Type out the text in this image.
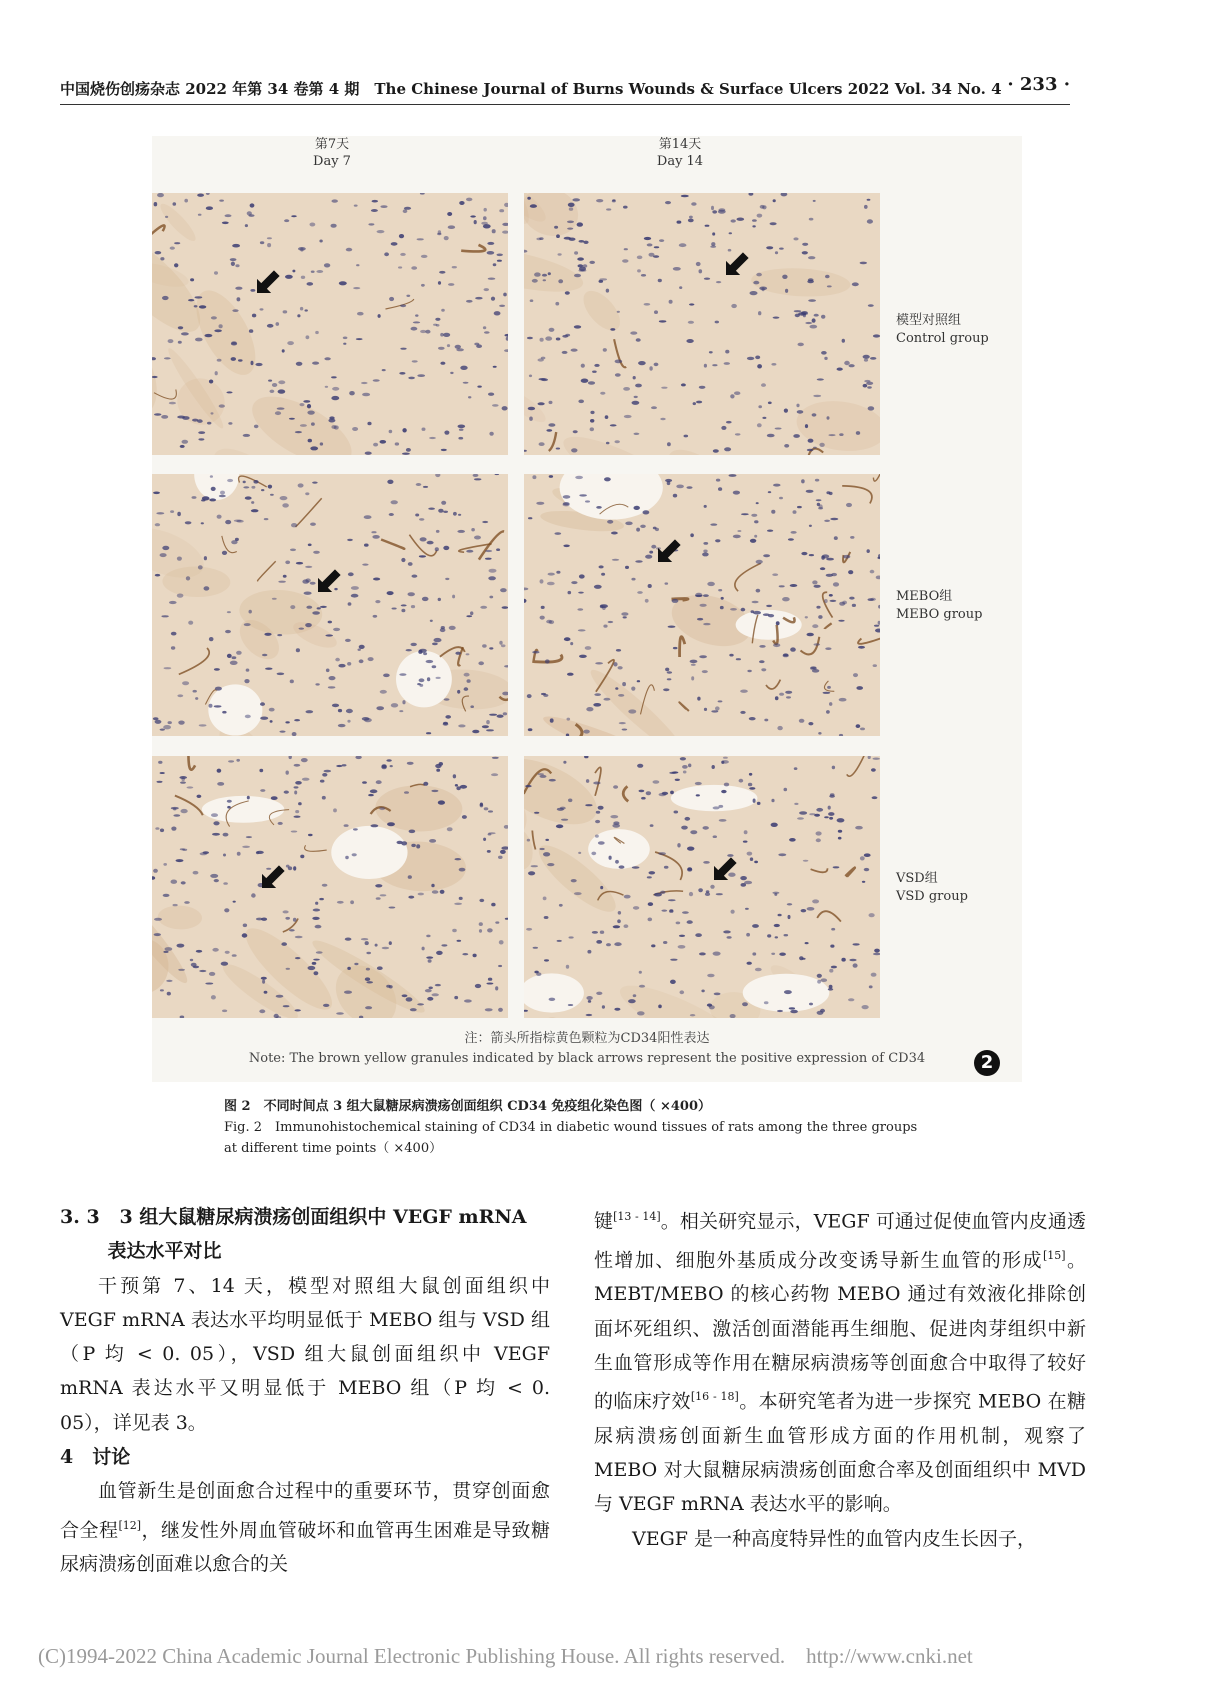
中国烧伤创疡杂志 2022 年第 34 卷第 4 期　The Chinese Journal of Burns Wounds & Surface Ulcers 2022 Vol. 34 No. 4 · 233 ·
第7天
Day 7
第14天
Day 14
模型对照组
Control group
MEBO组
MEBO group
VSD组
VSD group
注：箭头所指棕黄色颗粒为CD34阳性表达
Note: The brown yellow granules indicated by black arrows represent the positive expression of CD34	2
图 2　不同时间点 3 组大鼠糖尿病溃疡创面组织 CD34 免疫组化染色图（ ×400）
Fig. 2　Immunohistochemical staining of CD34 in diabetic wound tissues of rats among the three groups
at different time points（ ×400）

3. 3 3 组大鼠糖尿病溃疡创面组织中 VEGF mRNA

表达水平对比

干预第 7、14 天，模型对照组大鼠创面组织中 VEGF mRNA 表达水平均明显低于 MEBO 组与 VSD 组（P 均 < 0. 05），VSD 组大鼠创面组织中 VEGF mRNA 表达水平又明显低于 MEBO 组（P 均 < 0. 05），详见表 3。

4　讨论

血管新生是创面愈合过程中的重要环节，贯穿创面愈合全程[12]，继发性外周血管破坏和血管再生困难是导致糖尿病溃疡创面难以愈合的关

键[13 - 14]。相关研究显示，VEGF 可通过促使血管内皮通透性增加、细胞外基质成分改变诱导新生血管的形成[15]。MEBT/MEBO 的核心药物 MEBO 通过有效液化排除创面坏死组织、激活创面潜能再生细胞、促进肉芽组织中新生血管形成等作用在糖尿病溃疡等创面愈合中取得了较好的临床疗效[16 - 18]。本研究笔者为进一步探究 MEBO 在糖尿病溃疡创面新生血管形成方面的作用机制，观察了 MEBO 对大鼠糖尿病溃疡创面愈合率及创面组织中 MVD 与 VEGF mRNA 表达水平的影响。

VEGF 是一种高度特异性的血管内皮生长因子，

(C)1994-2022 China Academic Journal Electronic Publishing House. All rights reserved.　http://www.cnki.net
